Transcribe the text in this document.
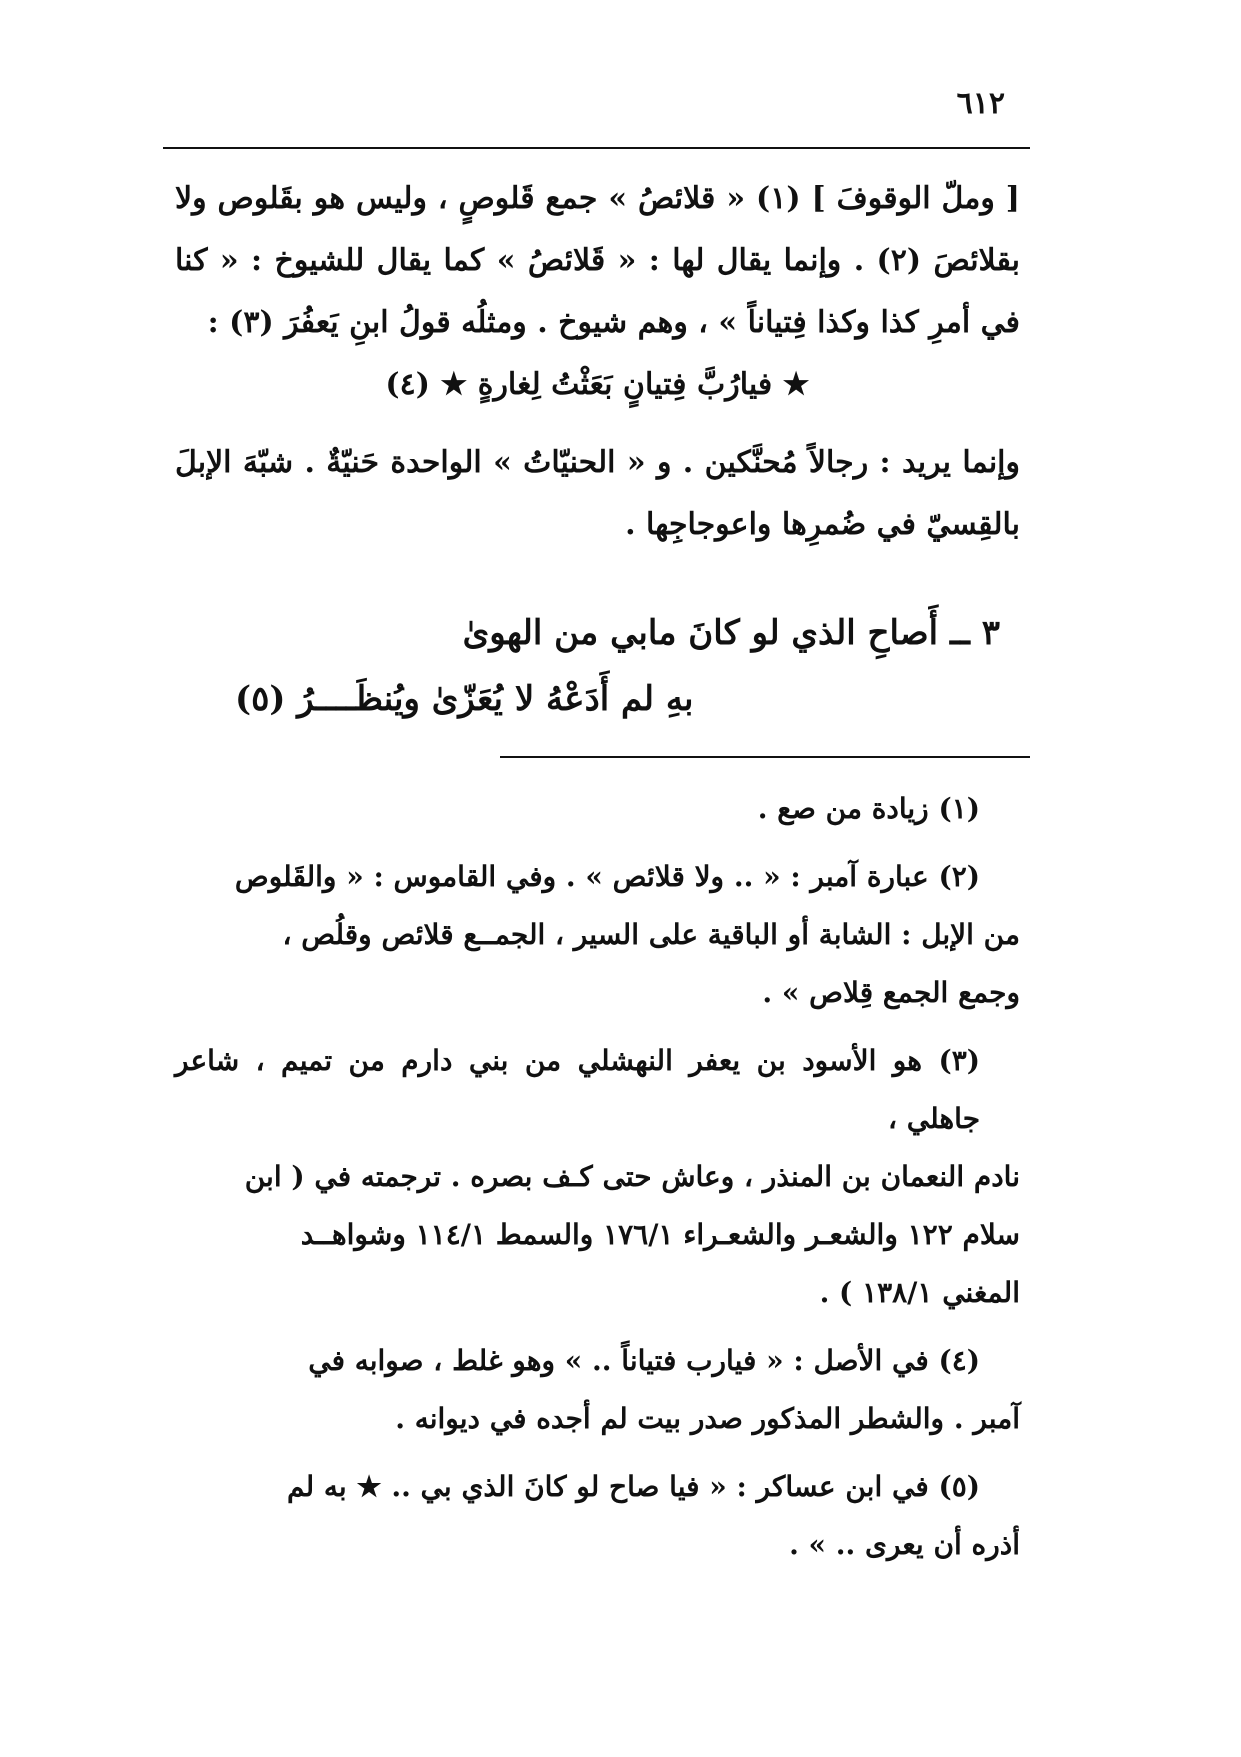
٦١٢

[ وملّ الوقوفَ ] (١) « قلائصُ » جمع قَلوصٍ ، وليس هو بقَلوص ولا بقلائصَ (٢) . وإنما يقال لها : « قَلائصُ » كما يقال للشيوخ : « كنا في أمرِ كذا وكذا فِتياناً » ، وهم شيوخ . ومثلُه قولُ ابنِ يَعفُرَ (٣) :

★ فيارُبَّ فِتيانٍ بَعَثْتُ لِغارةٍ ★ (٤)

وإنما يريد : رجالاً مُحنَّكين . و « الحنيّاتُ » الواحدة حَنيّةٌ . شبّهَ الإبلَ بالقِسيّ في ضُمرِها واعوجاجِها .

٣ ــ أَصاحِ الذي لو كانَ مابي من الهوىٰ

بهِ لم أَدَعْهُ لا يُعَزّىٰ ويُنظَــــرُ (٥)

(١) زيادة من صع .
(٢) عبارة آمبر : « .. ولا قلائص » . وفي القاموس : « والقَلوص
من الإبل : الشابة أو الباقية على السير ، الجمــع قلائص وقلُص ،
وجمع الجمع قِلاص » .
(٣) هو الأسود بن يعفر النهشلي من بني دارم من تميم ، شاعر جاهلي ،
نادم النعمان بن المنذر ، وعاش حتى كـف بصره . ترجمته في ( ابن
سلام ١٢٢ والشعـر والشعـراء ١٧٦/١ والسمط ١١٤/١ وشواهــد
المغني ١٣٨/١ ) .
(٤) في الأصل : « فيارب فتياناً .. » وهو غلط ، صوابه في
آمبر . والشطر المذكور صدر بيت لم أجده في ديوانه .
(٥) في ابن عساكر : « فيا صاح لو كانَ الذي بي .. ★ به لم
أذره أن يعرى .. » .
